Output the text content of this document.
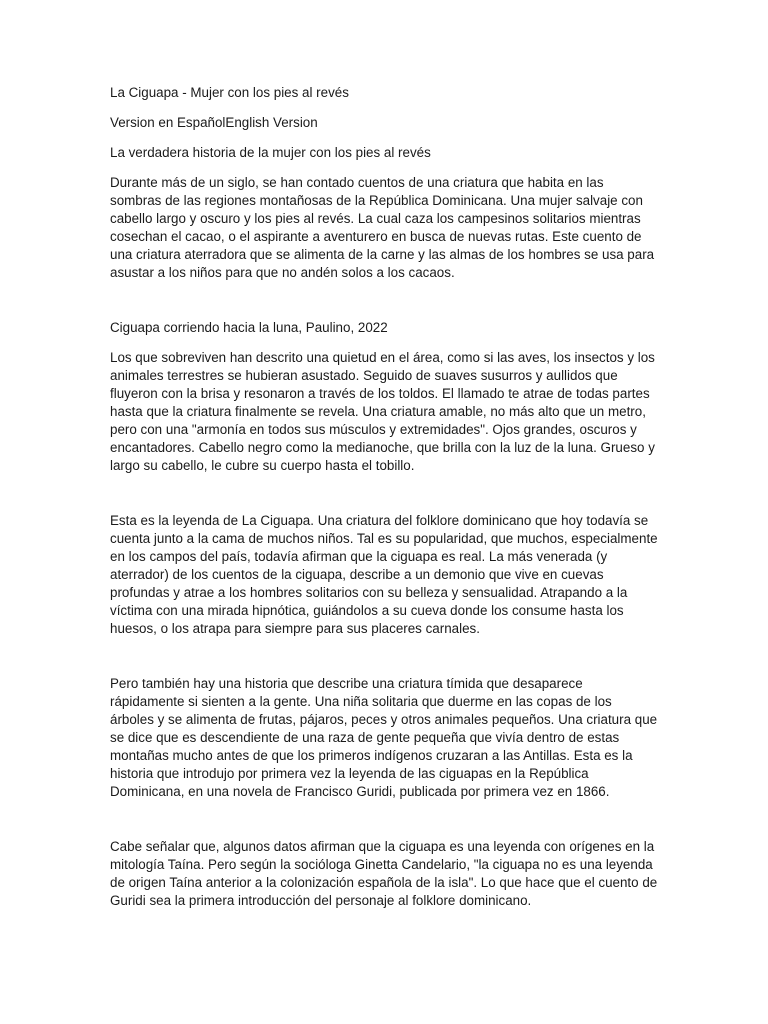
La Ciguapa - Mujer con los pies al revés

Version en EspañolEnglish Version

La verdadera historia de la mujer con los pies al revés

Durante más de un siglo, se han contado cuentos de una criatura que habita en las sombras de las regiones montañosas de la República Dominicana. Una mujer salvaje con cabello largo y oscuro y los pies al revés. La cual caza los campesinos solitarios mientras cosechan el cacao, o el aspirante a aventurero en busca de nuevas rutas. Este cuento de una criatura aterradora que se alimenta de la carne y las almas de los hombres se usa para asustar a los niños para que no andén solos a los cacaos.

Ciguapa corriendo hacia la luna, Paulino, 2022

Los que sobreviven han descrito una quietud en el área, como si las aves, los insectos y los animales terrestres se hubieran asustado. Seguido de suaves susurros y aullidos que fluyeron con la brisa y resonaron a través de los toldos. El llamado te atrae de todas partes hasta que la criatura finalmente se revela. Una criatura amable, no más alto que un metro, pero con una "armonía en todos sus músculos y extremidades". Ojos grandes, oscuros y encantadores. Cabello negro como la medianoche, que brilla con la luz de la luna. Grueso y largo su cabello, le cubre su cuerpo hasta el tobillo.

Esta es la leyenda de La Ciguapa. Una criatura del folklore dominicano que hoy todavía se cuenta junto a la cama de muchos niños. Tal es su popularidad, que muchos, especialmente en los campos del país, todavía afirman que la ciguapa es real. La más venerada (y aterrador) de los cuentos de la ciguapa, describe a un demonio que vive en cuevas profundas y atrae a los hombres solitarios con su belleza y sensualidad. Atrapando a la víctima con una mirada hipnótica, guiándolos a su cueva donde los consume hasta los huesos, o los atrapa para siempre para sus placeres carnales.

Pero también hay una historia que describe una criatura tímida que desaparece rápidamente si sienten a la gente. Una niña solitaria que duerme en las copas de los árboles y se alimenta de frutas, pájaros, peces y otros animales pequeños. Una criatura que se dice que es descendiente de una raza de gente pequeña que vivía dentro de estas montañas mucho antes de que los primeros indígenos cruzaran a las Antillas. Esta es la historia que introdujo por primera vez la leyenda de las ciguapas en la República Dominicana, en una novela de Francisco Guridi, publicada por primera vez en 1866.

Cabe señalar que, algunos datos afirman que la ciguapa es una leyenda con orígenes en la mitología Taína. Pero según la socióloga Ginetta Candelario, "la ciguapa no es una leyenda de origen Taína anterior a la colonización española de la isla". Lo que hace que el cuento de Guridi sea la primera introducción del personaje al folklore dominicano.
